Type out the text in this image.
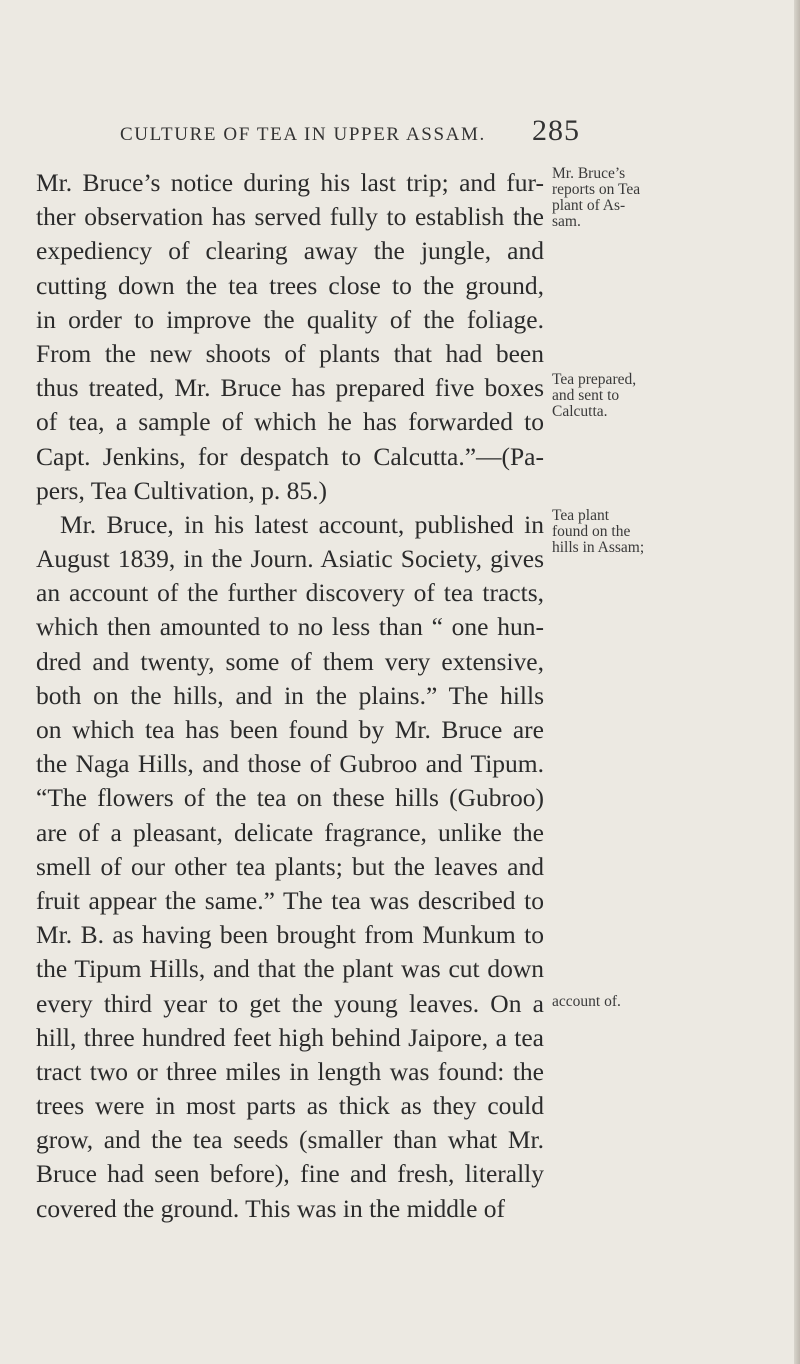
CULTURE OF TEA IN UPPER ASSAM. 285
Mr. Bruce’s notice during his last trip; and fur-
ther observation has served fully to establish the
expediency of clearing away the jungle, and
cutting down the tea trees close to the ground,
in order to improve the quality of the foliage.
From the new shoots of plants that had been
thus treated, Mr. Bruce has prepared five boxes
of tea, a sample of which he has forwarded to
Capt. Jenkins, for despatch to Calcutta.”—(Pa-
pers, Tea Cultivation, p. 85.)
Mr. Bruce, in his latest account, published in
August 1839, in the Journ. Asiatic Society, gives
an account of the further discovery of tea tracts,
which then amounted to no less than “ one hun-
dred and twenty, some of them very extensive,
both on the hills, and in the plains.” The hills
on which tea has been found by Mr. Bruce are
the Naga Hills, and those of Gubroo and Tipum.
“The flowers of the tea on these hills (Gubroo)
are of a pleasant, delicate fragrance, unlike the
smell of our other tea plants; but the leaves and
fruit appear the same.” The tea was described to
Mr. B. as having been brought from Munkum to
the Tipum Hills, and that the plant was cut down
every third year to get the young leaves. On a
hill, three hundred feet high behind Jaipore, a tea
tract two or three miles in length was found: the
trees were in most parts as thick as they could
grow, and the tea seeds (smaller than what Mr.
Bruce had seen before), fine and fresh, literally
covered the ground. This was in the middle of
Mr. Bruce’s
reports on Tea
plant of As-
sam.
Tea prepared,
and sent to
Calcutta.
Tea plant
found on the
hills in Assam;
account of.
